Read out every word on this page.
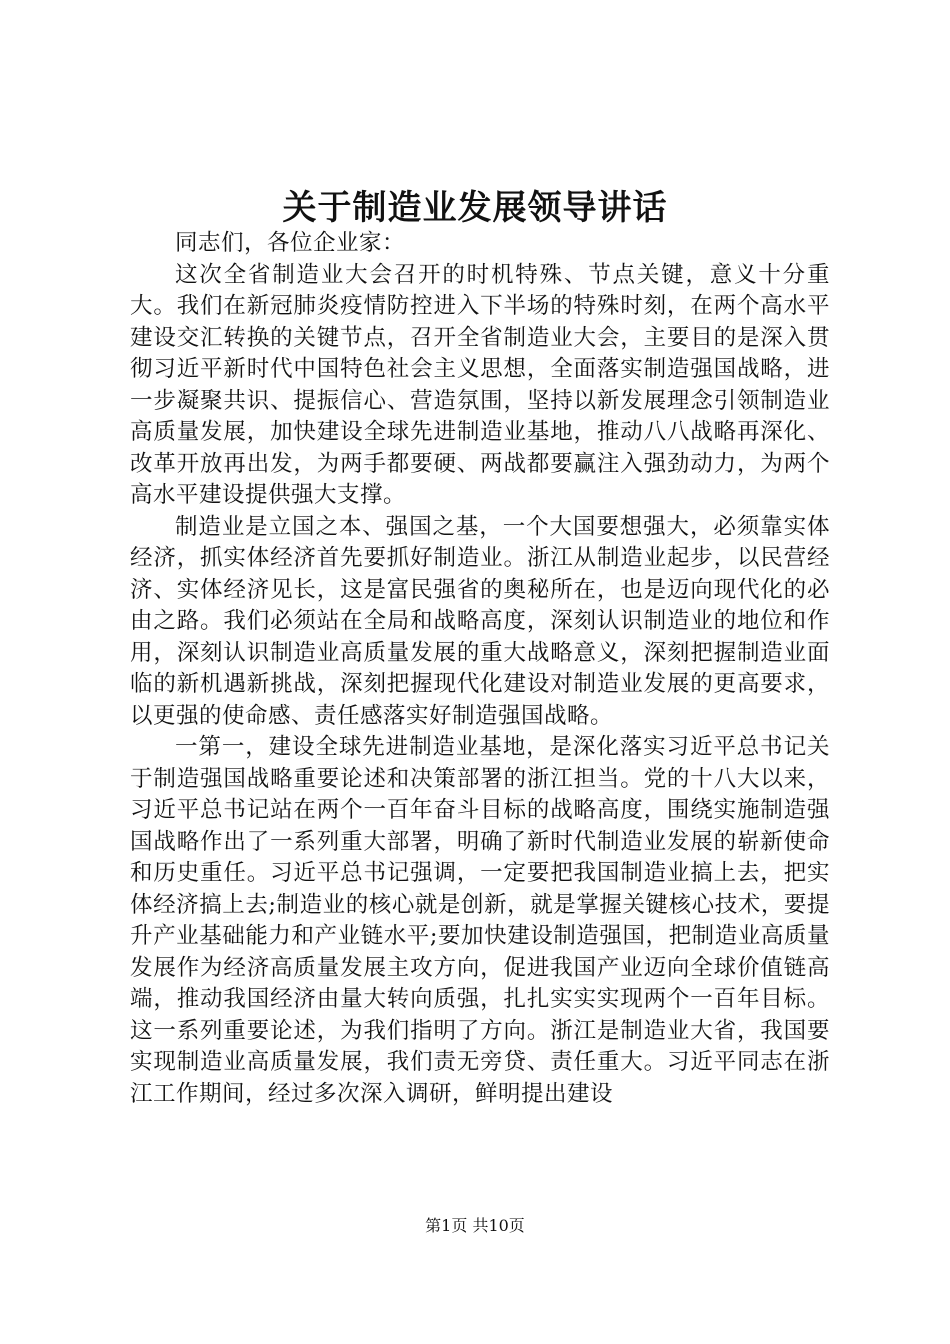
关于制造业发展领导讲话

同志们，各位企业家：

这次全省制造业大会召开的时机特殊、节点关键，意义十分重大。我们在新冠肺炎疫情防控进入下半场的特殊时刻，在两个高水平建设交汇转换的关键节点，召开全省制造业大会，主要目的是深入贯彻习近平新时代中国特色社会主义思想，全面落实制造强国战略，进一步凝聚共识、提振信心、营造氛围，坚持以新发展理念引领制造业高质量发展，加快建设全球先进制造业基地，推动八八战略再深化、改革开放再出发，为两手都要硬、两战都要赢注入强劲动力，为两个高水平建设提供强大支撑。

制造业是立国之本、强国之基，一个大国要想强大，必须靠实体经济，抓实体经济首先要抓好制造业。浙江从制造业起步，以民营经济、实体经济见长，这是富民强省的奥秘所在，也是迈向现代化的必由之路。我们必须站在全局和战略高度，深刻认识制造业的地位和作用，深刻认识制造业高质量发展的重大战略意义，深刻把握制造业面临的新机遇新挑战，深刻把握现代化建设对制造业发展的更高要求，以更强的使命感、责任感落实好制造强国战略。

一第一，建设全球先进制造业基地，是深化落实习近平总书记关于制造强国战略重要论述和决策部署的浙江担当。党的十八大以来，习近平总书记站在两个一百年奋斗目标的战略高度，围绕实施制造强国战略作出了一系列重大部署，明确了新时代制造业发展的崭新使命和历史重任。习近平总书记强调，一定要把我国制造业搞上去，把实体经济搞上去;制造业的核心就是创新，就是掌握关键核心技术，要提升产业基础能力和产业链水平;要加快建设制造强国，把制造业高质量发展作为经济高质量发展主攻方向，促进我国产业迈向全球价值链高端，推动我国经济由量大转向质强，扎扎实实实现两个一百年目标。这一系列重要论述，为我们指明了方向。浙江是制造业大省，我国要实现制造业高质量发展，我们责无旁贷、责任重大。习近平同志在浙江工作期间，经过多次深入调研，鲜明提出建设

第1页 共10页
